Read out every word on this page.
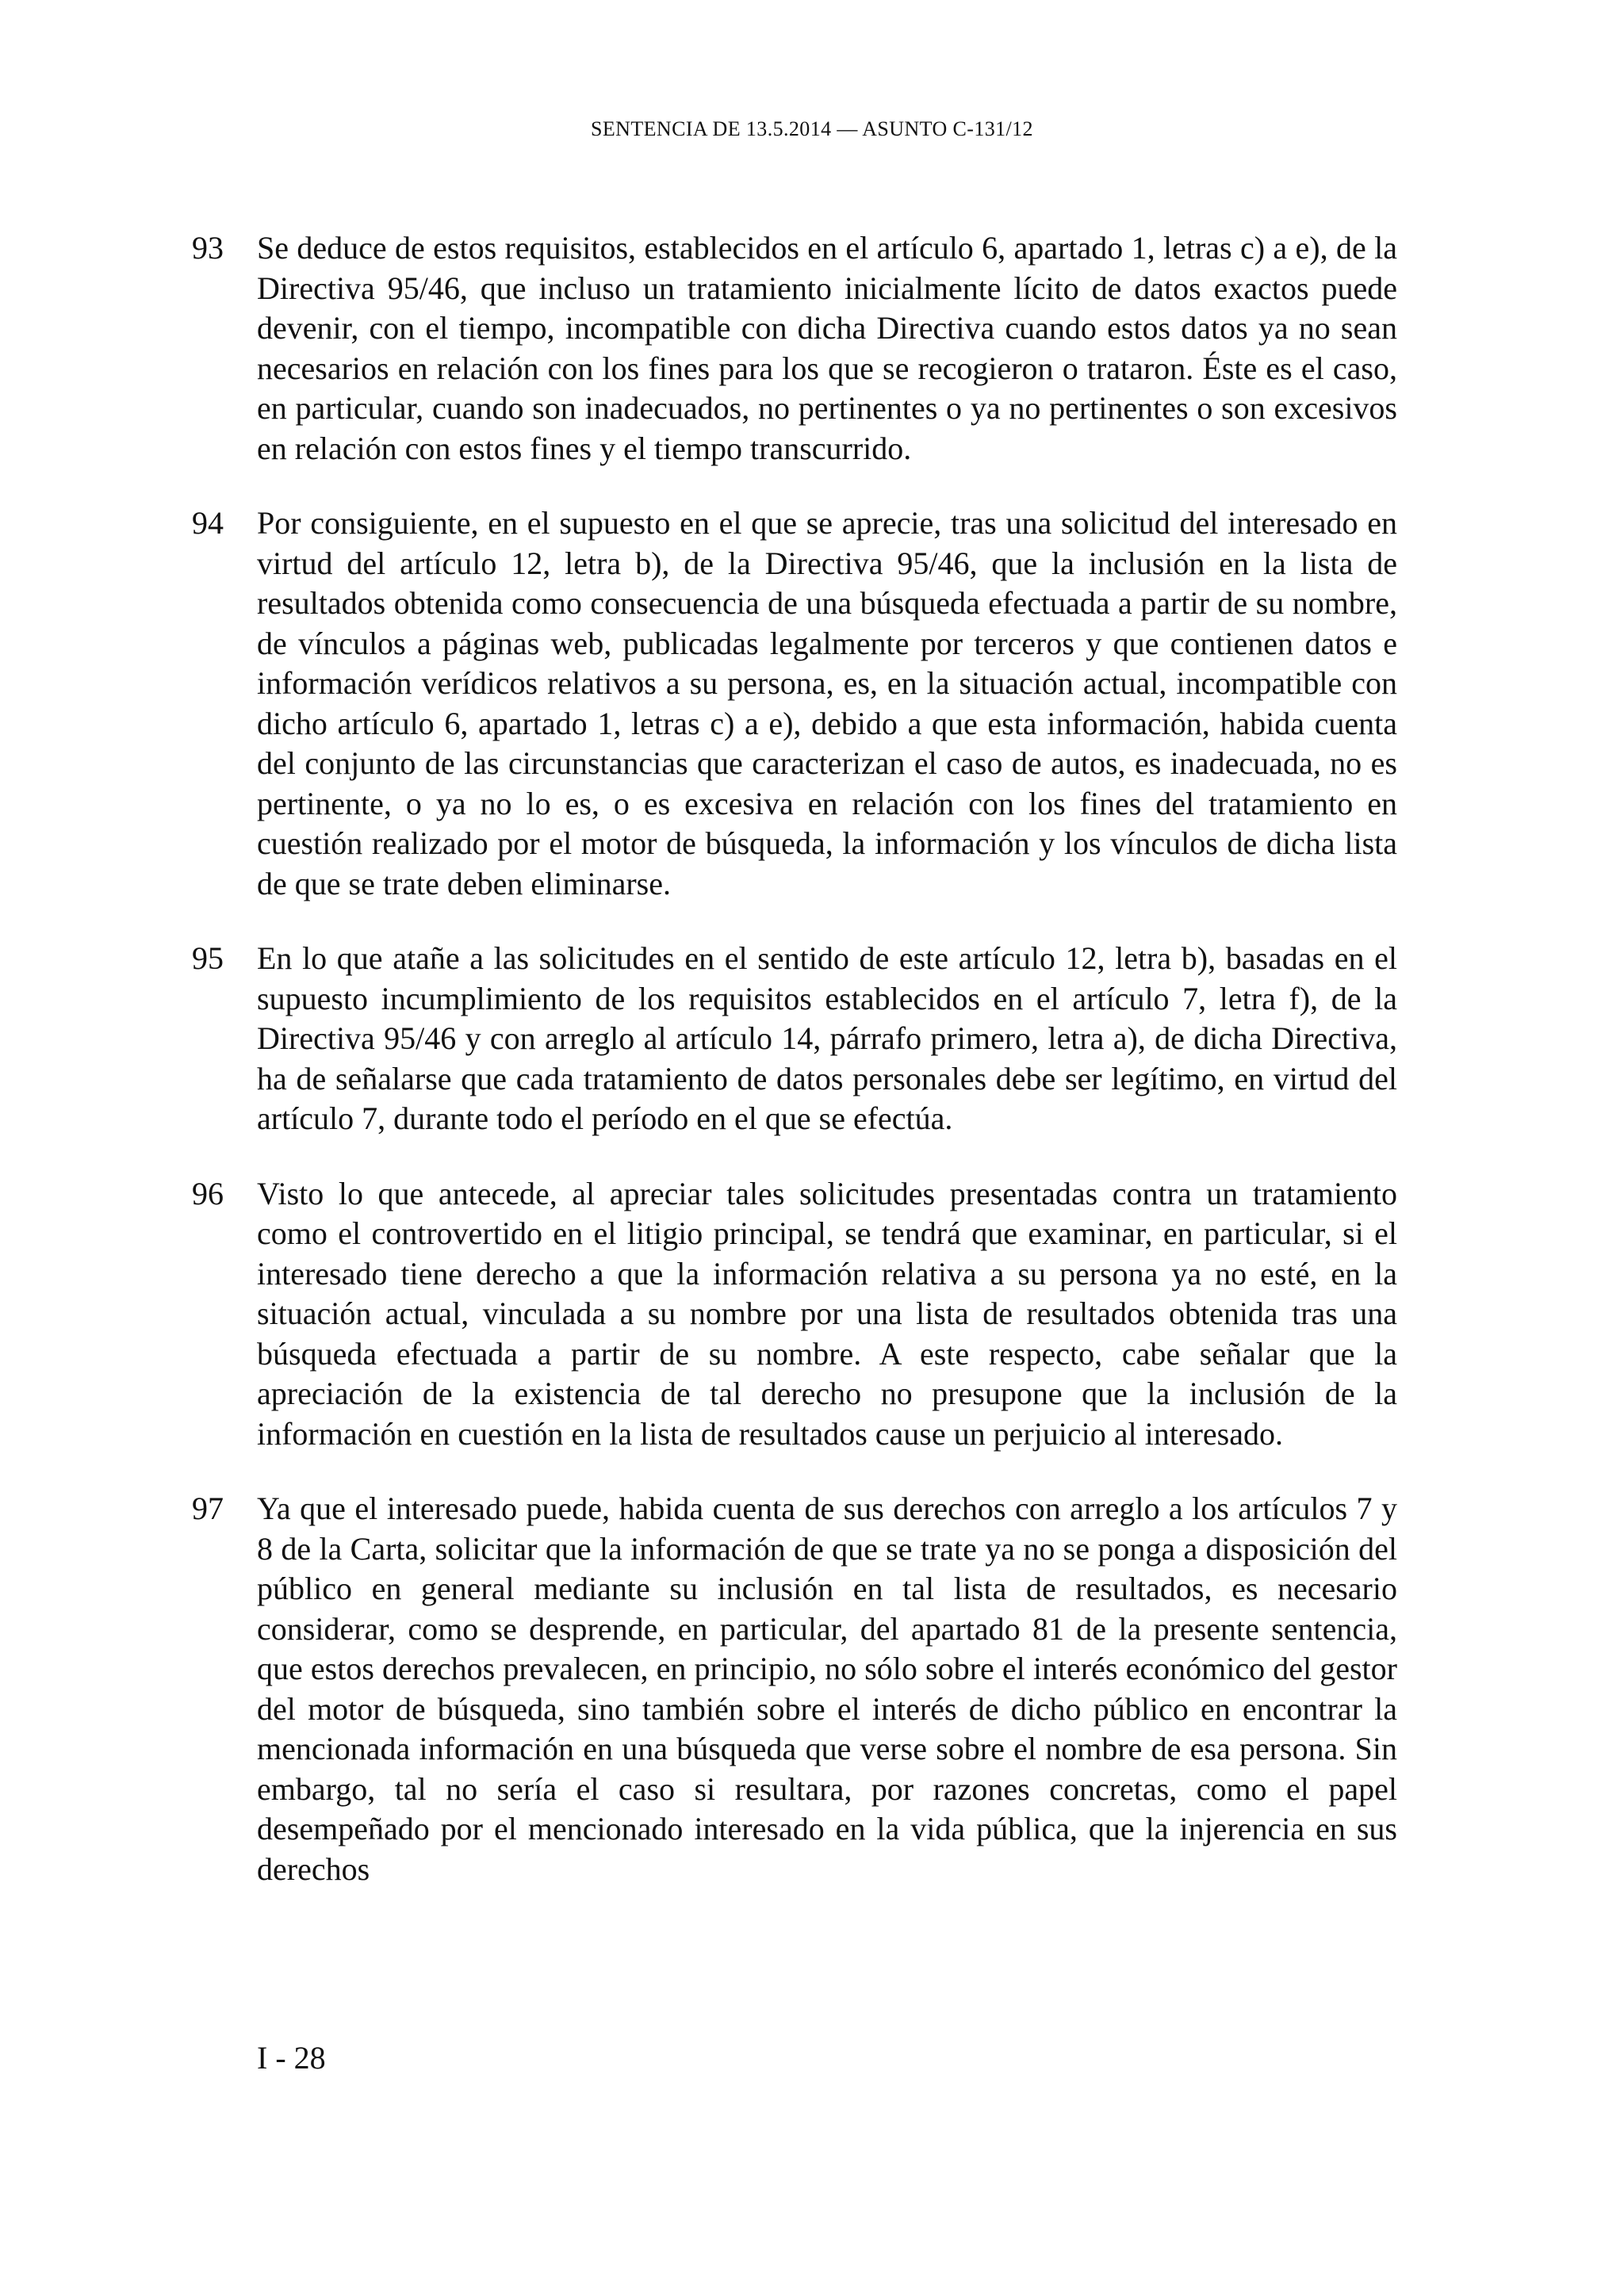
SENTENCIA DE 13.5.2014 — ASUNTO C-131/12
93 Se deduce de estos requisitos, establecidos en el artículo 6, apartado 1, letras c) a e), de la Directiva 95/46, que incluso un tratamiento inicialmente lícito de datos exactos puede devenir, con el tiempo, incompatible con dicha Directiva cuando estos datos ya no sean necesarios en relación con los fines para los que se recogieron o trataron. Éste es el caso, en particular, cuando son inadecuados, no pertinentes o ya no pertinentes o son excesivos en relación con estos fines y el tiempo transcurrido.
94 Por consiguiente, en el supuesto en el que se aprecie, tras una solicitud del interesado en virtud del artículo 12, letra b), de la Directiva 95/46, que la inclusión en la lista de resultados obtenida como consecuencia de una búsqueda efectuada a partir de su nombre, de vínculos a páginas web, publicadas legalmente por terceros y que contienen datos e información verídicos relativos a su persona, es, en la situación actual, incompatible con dicho artículo 6, apartado 1, letras c) a e), debido a que esta información, habida cuenta del conjunto de las circunstancias que caracterizan el caso de autos, es inadecuada, no es pertinente, o ya no lo es, o es excesiva en relación con los fines del tratamiento en cuestión realizado por el motor de búsqueda, la información y los vínculos de dicha lista de que se trate deben eliminarse.
95 En lo que atañe a las solicitudes en el sentido de este artículo 12, letra b), basadas en el supuesto incumplimiento de los requisitos establecidos en el artículo 7, letra f), de la Directiva 95/46 y con arreglo al artículo 14, párrafo primero, letra a), de dicha Directiva, ha de señalarse que cada tratamiento de datos personales debe ser legítimo, en virtud del artículo 7, durante todo el período en el que se efectúa.
96 Visto lo que antecede, al apreciar tales solicitudes presentadas contra un tratamiento como el controvertido en el litigio principal, se tendrá que examinar, en particular, si el interesado tiene derecho a que la información relativa a su persona ya no esté, en la situación actual, vinculada a su nombre por una lista de resultados obtenida tras una búsqueda efectuada a partir de su nombre. A este respecto, cabe señalar que la apreciación de la existencia de tal derecho no presupone que la inclusión de la información en cuestión en la lista de resultados cause un perjuicio al interesado.
97 Ya que el interesado puede, habida cuenta de sus derechos con arreglo a los artículos 7 y 8 de la Carta, solicitar que la información de que se trate ya no se ponga a disposición del público en general mediante su inclusión en tal lista de resultados, es necesario considerar, como se desprende, en particular, del apartado 81 de la presente sentencia, que estos derechos prevalecen, en principio, no sólo sobre el interés económico del gestor del motor de búsqueda, sino también sobre el interés de dicho público en encontrar la mencionada información en una búsqueda que verse sobre el nombre de esa persona. Sin embargo, tal no sería el caso si resultara, por razones concretas, como el papel desempeñado por el mencionado interesado en la vida pública, que la injerencia en sus derechos
I - 28
